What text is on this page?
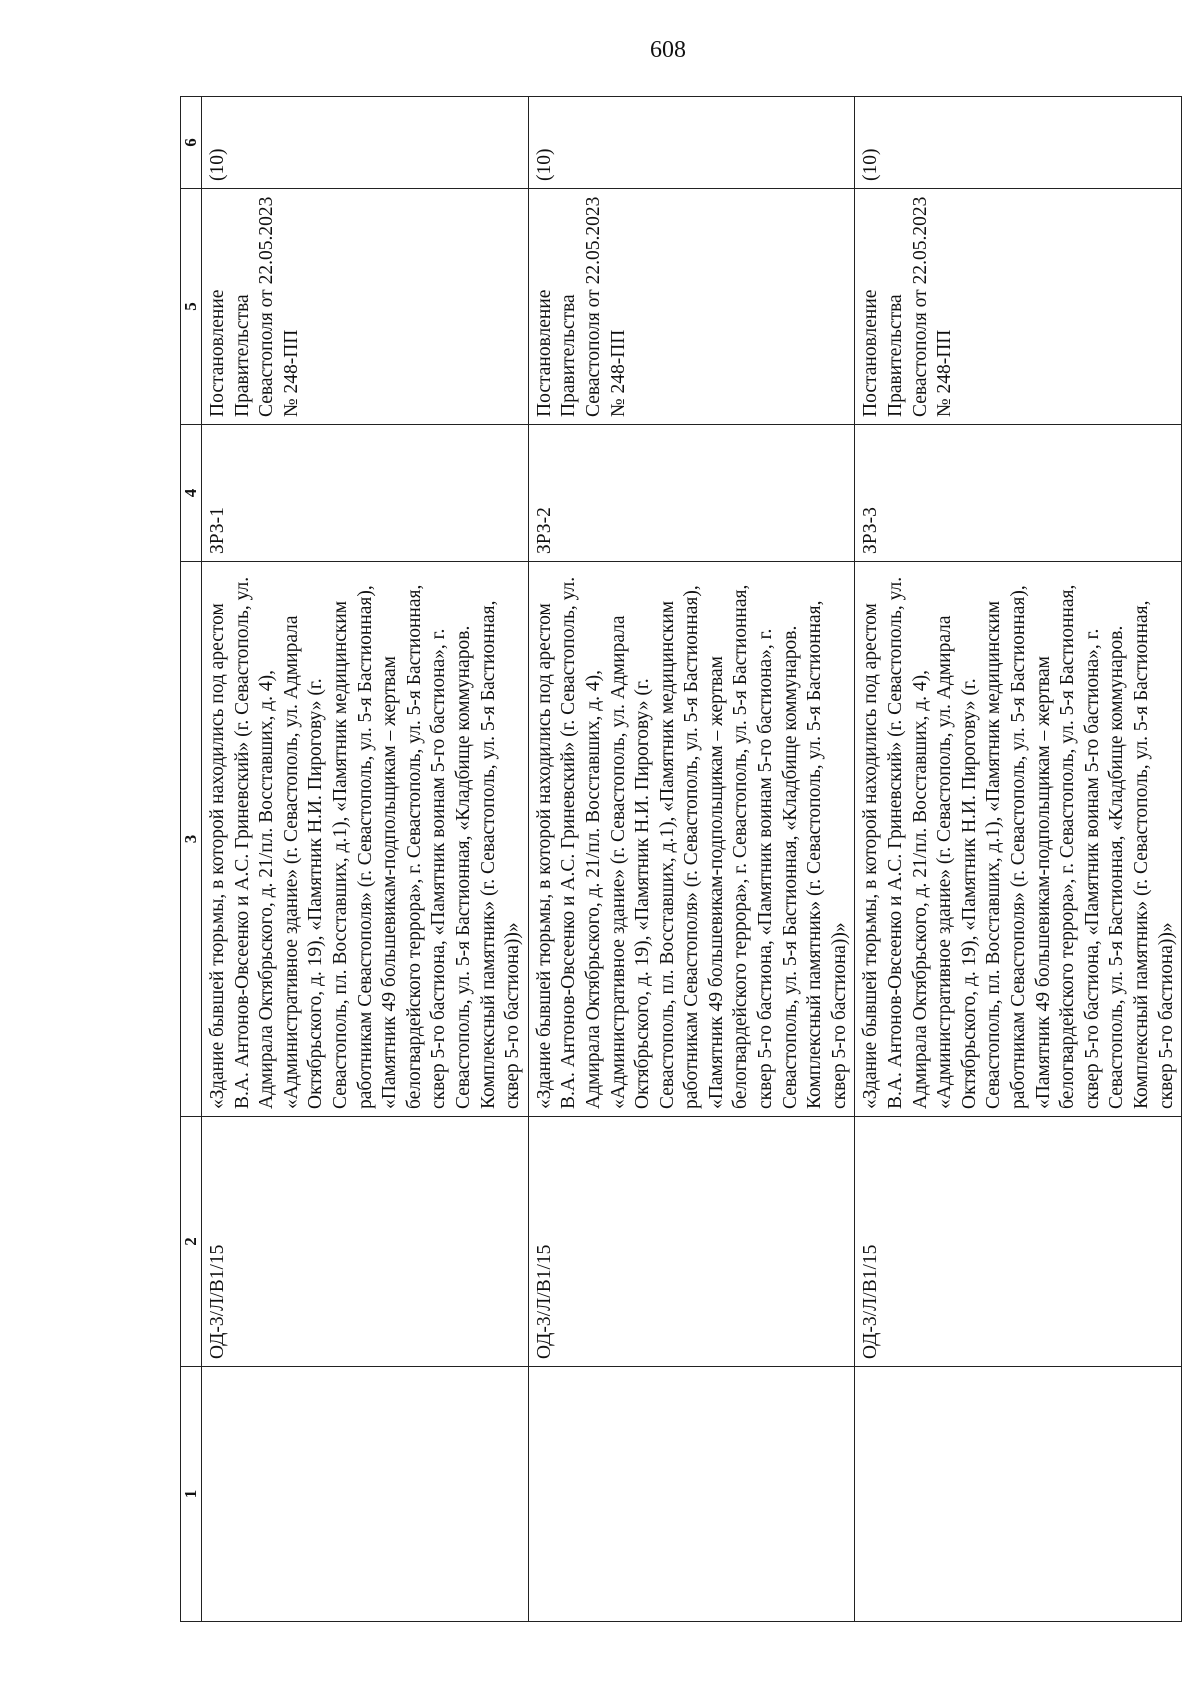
608
1	2	3	4	5	6
	ОД-3/Л/В1/15	«Здание бывшей тюрьмы, в которой находились под арестом В.А. Антонов-Овсеенко и А.С. Гриневский» (г. Севастополь, ул. Адмирала Октябрьского, д. 21/пл. Восставших, д. 4), «Административное здание» (г. Севастополь, ул. Адмирала Октябрьского, д. 19), «Памятник Н.И. Пирогову» (г. Севастополь, пл. Восставших, д.1), «Памятник медицинским работникам Севастополя» (г. Севастополь, ул. 5-я Бастионная), «Памятник 49 большевикам-подпольщикам – жертвам белогвардейского террора», г. Севастополь, ул. 5-я Бастионная, сквер 5-го бастиона, «Памятник воинам 5-го бастиона», г. Севастополь, ул. 5-я Бастионная, «Кладбище коммунаров. Комплексный памятник» (г. Севастополь, ул. 5-я Бастионная, сквер 5-го бастиона))»	ЗРЗ-1	Постановление Правительства Севастополя от 22.05.2023 № 248-ПП	(10)
	ОД-3/Л/В1/15	«Здание бывшей тюрьмы, в которой находились под арестом В.А. Антонов-Овсеенко и А.С. Гриневский» (г. Севастополь, ул. Адмирала Октябрьского, д. 21/пл. Восставших, д. 4), «Административное здание» (г. Севастополь, ул. Адмирала Октябрьского, д. 19), «Памятник Н.И. Пирогову» (г. Севастополь, пл. Восставших, д.1), «Памятник медицинским работникам Севастополя» (г. Севастополь, ул. 5-я Бастионная), «Памятник 49 большевикам-подпольщикам – жертвам белогвардейского террора», г. Севастополь, ул. 5-я Бастионная, сквер 5-го бастиона, «Памятник воинам 5-го бастиона», г. Севастополь, ул. 5-я Бастионная, «Кладбище коммунаров. Комплексный памятник» (г. Севастополь, ул. 5-я Бастионная, сквер 5-го бастиона))»	ЗРЗ-2	Постановление Правительства Севастополя от 22.05.2023 № 248-ПП	(10)
	ОД-3/Л/В1/15	«Здание бывшей тюрьмы, в которой находились под арестом В.А. Антонов-Овсеенко и А.С. Гриневский» (г. Севастополь, ул. Адмирала Октябрьского, д. 21/пл. Восставших, д. 4), «Административное здание» (г. Севастополь, ул. Адмирала Октябрьского, д. 19), «Памятник Н.И. Пирогову» (г. Севастополь, пл. Восставших, д.1), «Памятник медицинским работникам Севастополя» (г. Севастополь, ул. 5-я Бастионная), «Памятник 49 большевикам-подпольщикам – жертвам белогвардейского террора», г. Севастополь, ул. 5-я Бастионная, сквер 5-го бастиона, «Памятник воинам 5-го бастиона», г. Севастополь, ул. 5-я Бастионная, «Кладбище коммунаров. Комплексный памятник» (г. Севастополь, ул. 5-я Бастионная, сквер 5-го бастиона))»	ЗРЗ-3	Постановление Правительства Севастополя от 22.05.2023 № 248-ПП	(10)
